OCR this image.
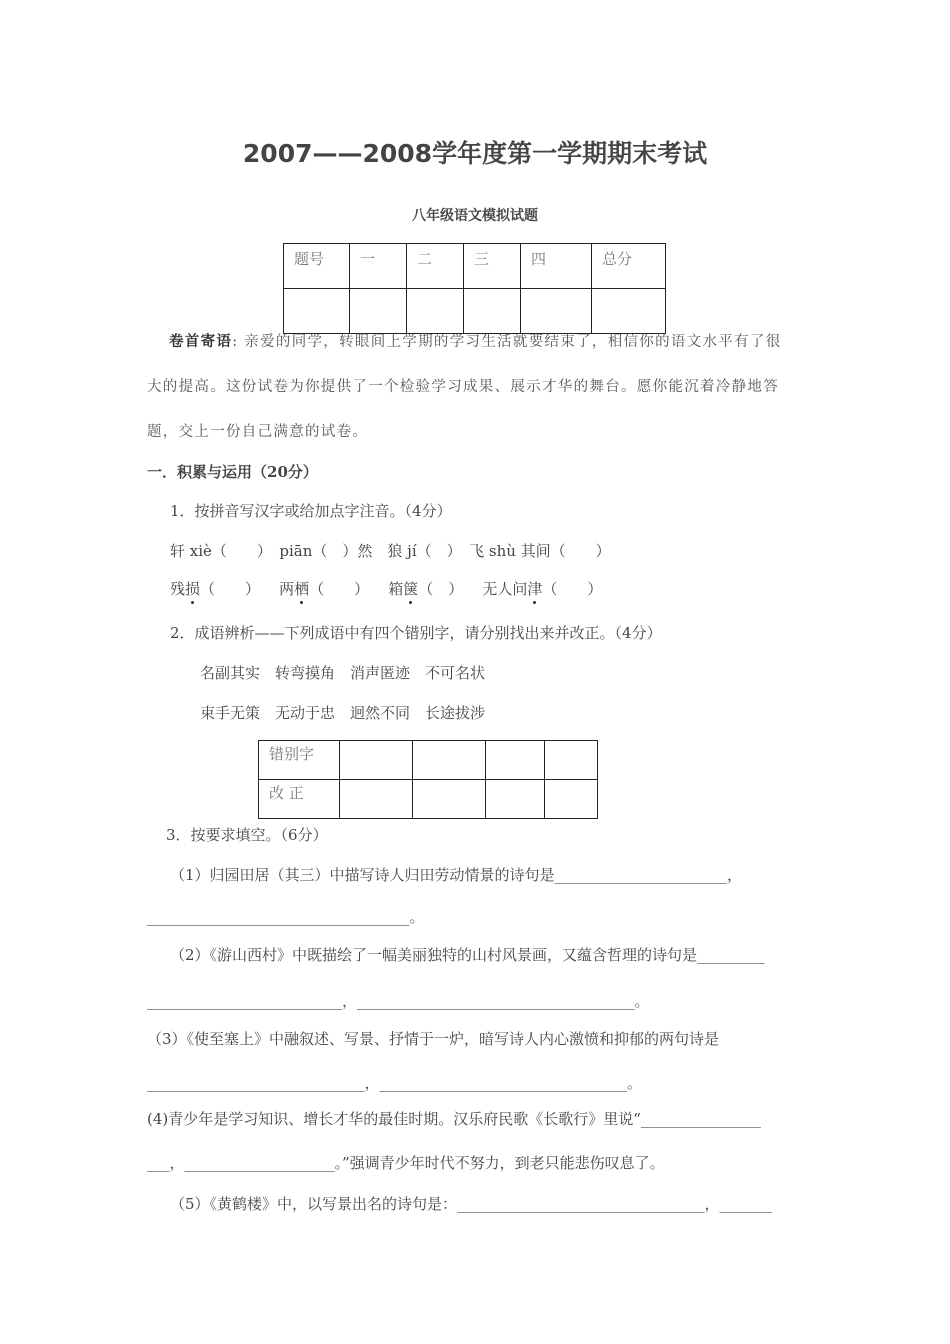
2007——2008学年度第一学期期末考试
八年级语文模拟试题
题号	一	二	三	四	总分

卷首寄语: 亲爱的同学，转眼间上学期的学习生活就要结束了，相信你的语文水平有了很
大的提高。这份试卷为你提供了一个检验学习成果、展示才华的舞台。愿你能沉着冷静地答
题，交上一份自己满意的试卷。
一．积累与运用（20分）
1．按拼音写汉字或给加点字注音。（4分）
轩 xiè（　　）　piān（　）然　狼 jí（　）　飞 shù 其间（　　）
残损（　　） 两栖（　　） 箱箧（　） 无人问津（　　）
2．成语辨析——下列成语中有四个错别字，请分别找出来并改正。（4分）
名副其实　转弯摸角　消声匿迹　不可名状
束手无策　无动于忠　迥然不同　长途拔涉
错别字				
改 正				
3．按要求填空。（6分）
（1）归园田居（其三）中描写诗人归田劳动情景的诗句是_______________________，
___________________________________。
（2）《游山西村》中既描绘了一幅美丽独特的山村风景画，又蕴含哲理的诗句是_________
__________________________，_____________________________________。
（3）《使至塞上》中融叙述、写景、抒情于一炉，暗写诗人内心激愤和抑郁的两句诗是
_____________________________，_________________________________。
(4)青少年是学习知识、增长才华的最佳时期。汉乐府民歌《长歌行》里说“________________
___，____________________。”强调青少年时代不努力，到老只能悲伤叹息了。
（5）《黄鹤楼》中，以写景出名的诗句是：_________________________________，_______
